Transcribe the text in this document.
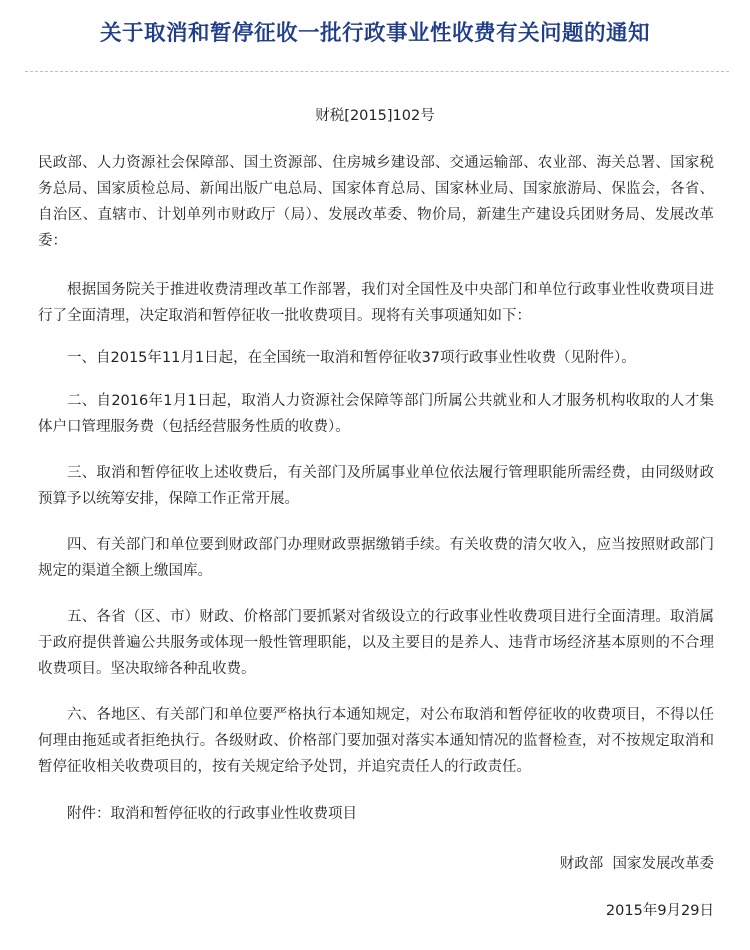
关于取消和暂停征收一批行政事业性收费有关问题的通知
财税[2015]102号
民政部、人力资源社会保障部、国土资源部、住房城乡建设部、交通运输部、农业部、海关总署、国家税务总局、国家质检总局、新闻出版广电总局、国家体育总局、国家林业局、国家旅游局、保监会，各省、自治区、直辖市、计划单列市财政厅（局）、发展改革委、物价局，新建生产建设兵团财务局、发展改革委：
根据国务院关于推进收费清理改革工作部署，我们对全国性及中央部门和单位行政事业性收费项目进行了全面清理，决定取消和暂停征收一批收费项目。现将有关事项通知如下：
一、自2015年11月1日起，在全国统一取消和暂停征收37项行政事业性收费（见附件）。
二、自2016年1月1日起，取消人力资源社会保障等部门所属公共就业和人才服务机构收取的人才集体户口管理服务费（包括经营服务性质的收费）。
三、取消和暂停征收上述收费后，有关部门及所属事业单位依法履行管理职能所需经费，由同级财政预算予以统筹安排，保障工作正常开展。
四、有关部门和单位要到财政部门办理财政票据缴销手续。有关收费的清欠收入，应当按照财政部门规定的渠道全额上缴国库。
五、各省（区、市）财政、价格部门要抓紧对省级设立的行政事业性收费项目进行全面清理。取消属于政府提供普遍公共服务或体现一般性管理职能，以及主要目的是养人、违背市场经济基本原则的不合理收费项目。坚决取缔各种乱收费。
六、各地区、有关部门和单位要严格执行本通知规定，对公布取消和暂停征收的收费项目，不得以任何理由拖延或者拒绝执行。各级财政、价格部门要加强对落实本通知情况的监督检查，对不按规定取消和暂停征收相关收费项目的，按有关规定给予处罚，并追究责任人的行政责任。
附件：取消和暂停征收的行政事业性收费项目
财政部  国家发展改革委
2015年9月29日
